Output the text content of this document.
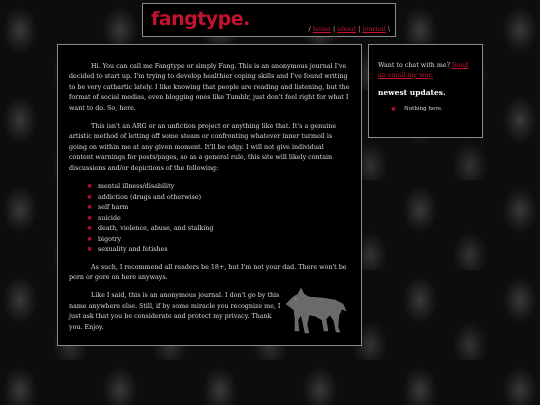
fangtype.	/ home | about | journal \

Hi. You can call me Fangtype or simply Fang. This is an anonymous journal I've decided to start up. I'm trying to develop healthier coping skills and I've found writing to be very cathartic lately. I like knowing that people are reading and listening, but the format of social medias, even blogging ones like Tumblr, just don't feel right for what I want to do. So, here.

This isn't an ARG or an unfiction project or anything like that. It's a genuine artistic method of letting off some steam or confronting whatever inner turmoil is going on within me at any given moment. It'll be edgy. I will not give individual content warnings for posts/pages, so as a general rule, this site will likely contain discussions and/or depictions of the following:

✖ mental illness/disability
✖ addiction (drugs and otherwise)
✖ self harm
✖ suicide
✖ death, violence, abuse, and stalking
✖ bigotry
✖ sexuality and fetishes

As such, I recommend all readers be 18+, but I'm not your dad. There won't be porn or gore on here anyways.

Like I said, this is an anonymous journal. I don't go by this name anywhere else. Still, if by some miracle you recognize me, I just ask that you be considerate and protect my privacy. Thank you. Enjoy.

Want to chat with me? Send an email my way.

newest updates.
✖	Nothing here.
